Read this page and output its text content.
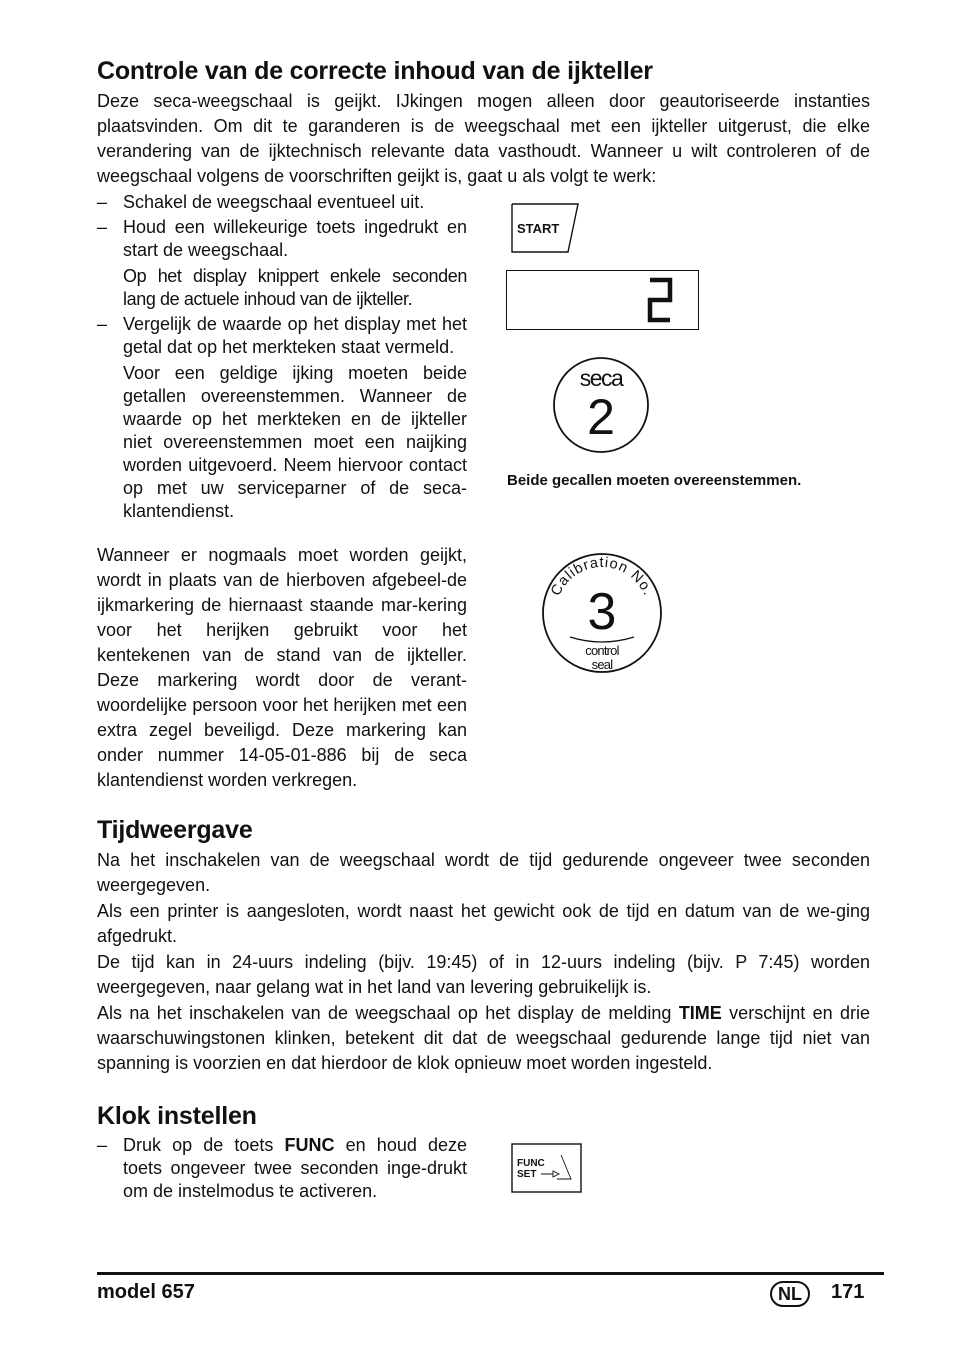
Controle van de correcte inhoud van de ijkteller

Deze seca-weegschaal is geijkt. IJkingen mogen alleen door geautoriseerde instanties plaatsvinden. Om dit te garanderen is de weegschaal met een ijkteller uitgerust, die elke verandering van de ijktechnisch relevante data vasthoudt. Wanneer u wilt controleren of de weegschaal volgens de voorschriften geijkt is, gaat u als volgt te werk:

– Schakel de weegschaal eventueel uit.
– Houd een willekeurige toets ingedrukt en start de weegschaal.
Op het display knippert enkele seconden lang de actuele inhoud van de ijkteller.
– Vergelijk de waarde op het display met het getal dat op het merkteken staat vermeld.
Voor een geldige ijking moeten beide getallen overeenstemmen. Wanneer de waarde op het merkteken en de ijkteller niet overeenstemmen moet een naijking worden uitgevoerd. Neem hiervoor contact op met uw serviceparner of de seca-klantendienst.

Wanneer er nogmaals moet worden geijkt, wordt in plaats van de hierboven afgebeel-de ijkmarkering de hiernaast staande mar-kering voor het herijken gebruikt voor het kentekenen van de stand van de ijkteller. Deze markering wordt door de verant-woordelijke persoon voor het herijken met een extra zegel beveiligd. Deze markering kan onder nummer 14-05-01-886 bij de seca klantendienst worden verkregen.

START
seca
2
Beide gecallen moeten overeenstemmen.
Calibration No.
3
control
seal
Tijdweergave

Na het inschakelen van de weegschaal wordt de tijd gedurende ongeveer twee seconden weergegeven.

Als een printer is aangesloten, wordt naast het gewicht ook de tijd en datum van de we-ging afgedrukt.

De tijd kan in 24-uurs indeling (bijv. 19:45) of in 12-uurs indeling (bijv. P 7:45) worden weergegeven, naar gelang wat in het land van levering gebruikelijk is.

Als na het inschakelen van de weegschaal op het display de melding TIME verschijnt en drie waarschuwingstonen klinken, betekent dit dat de weegschaal gedurende lange tijd niet van spanning is voorzien en dat hierdoor de klok opnieuw moet worden ingesteld.

Klok instellen
– Druk op de toets FUNC en houd deze toets ongeveer twee seconden inge-drukt om de instelmodus te activeren.
FUNC
SET
model 657	NL	171
